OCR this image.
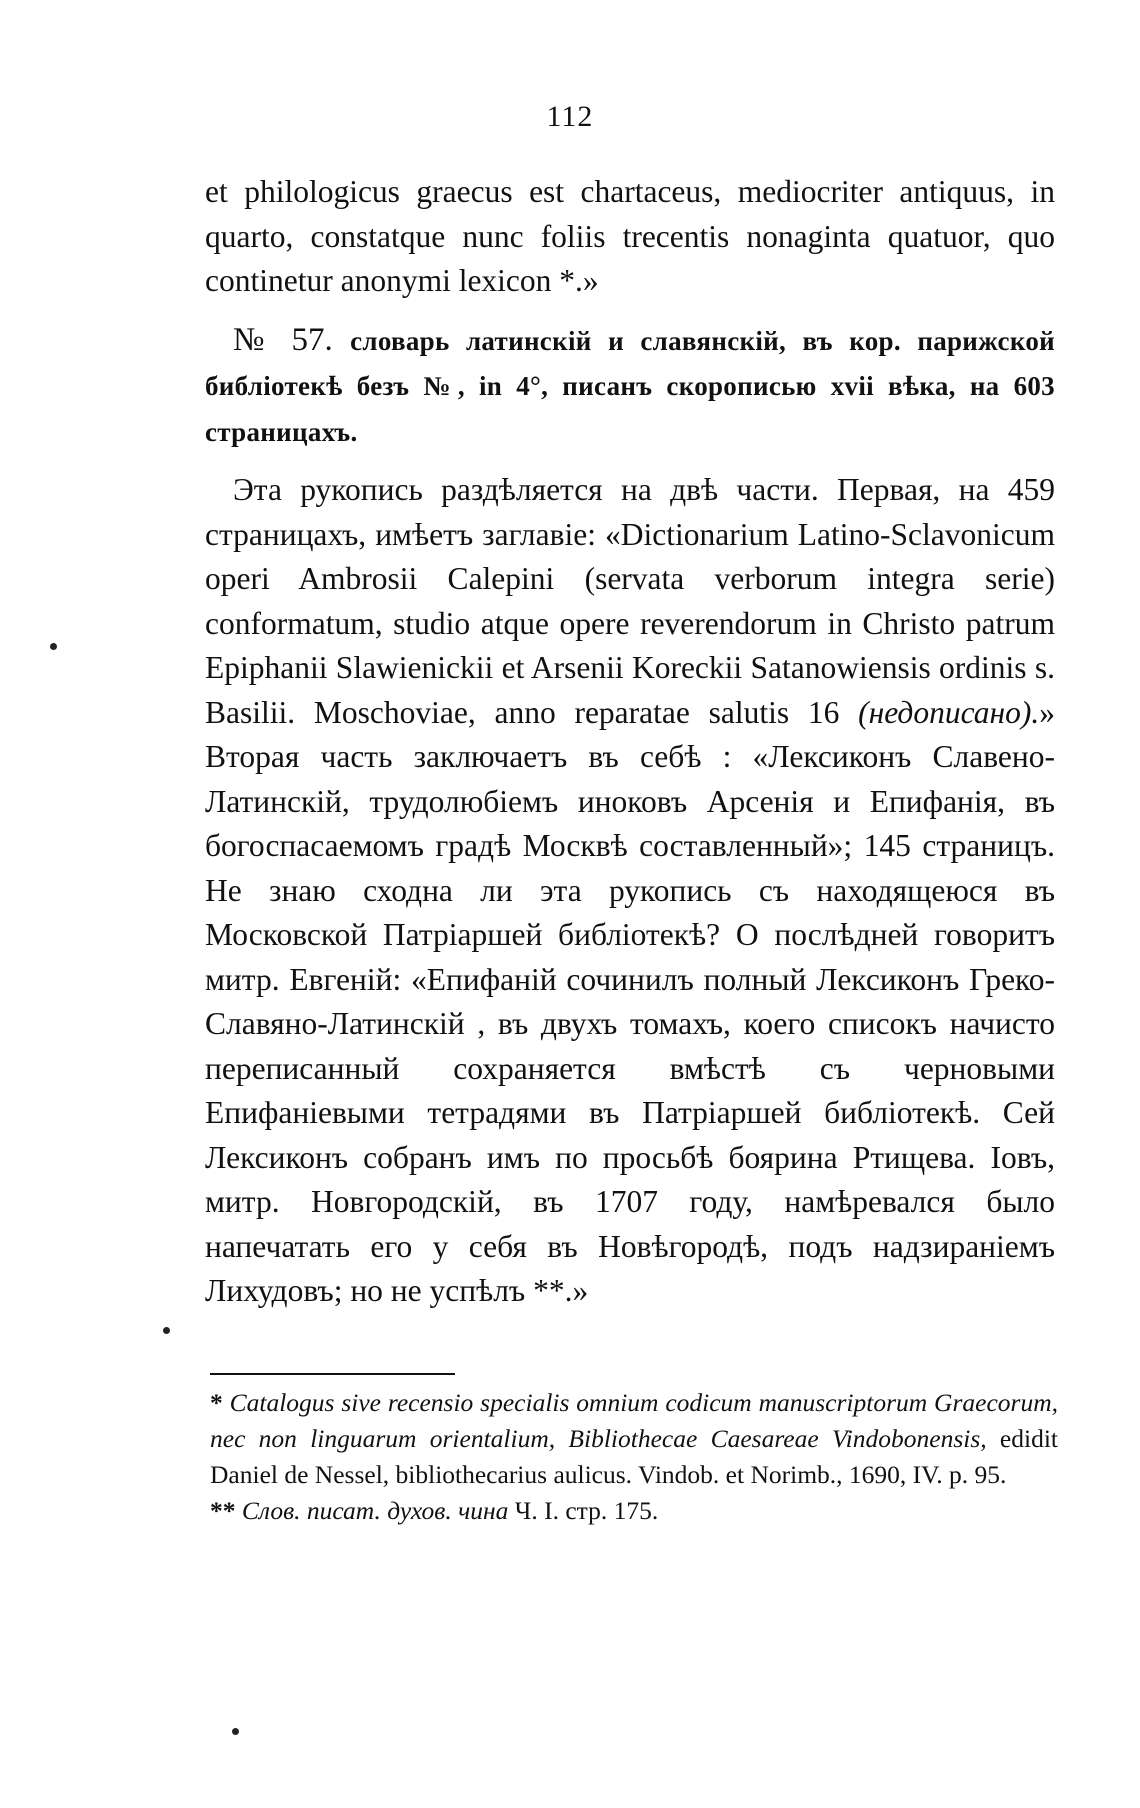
112

et philologicus graecus est chartaceus, mediocriter antiquus, in quarto, constatque nunc foliis trecentis nonaginta quatuor, quo continetur anonymi lexicon *.»

№ 57. словарь латинскій и славянскій, въ кор. парижской библіотекѣ безъ №, in 4°, писанъ скорописью xvii вѣка, на 603 страницахъ.

Эта рукопись раздѣляется на двѣ части. Первая, на 459 страницахъ, имѣетъ заглавіе: «Dictionarium Latino-Sclavonicum operi Ambrosii Calepini (servata verborum integra serie) conformatum, studio atque opere reverendorum in Christo patrum Epiphanii Slawienickii et Arsenii Koreckii Satanowiensis ordinis s. Basilii. Moschoviae, anno reparatae salutis 16 (недописано).» Вторая часть заключаетъ въ себѣ : «Лексиконъ Славено-Латинскій, трудолюбіемъ иноковъ Арсенія и Епифанія, въ богоспасаемомъ градѣ Москвѣ составленный»; 145 страницъ. Не знаю сходна ли эта рукопись съ находящеюся въ Московской Патріаршей библіотекѣ? О послѣдней говоритъ митр. Евгеній: «Епифаній сочинилъ полный Лексиконъ Греко-Славяно-Латинскій , въ двухъ томахъ, коего списокъ начисто переписанный сохраняется вмѣстѣ съ черновыми Епифаніевыми тетрадями въ Патріаршей библіотекѣ. Сей Лексиконъ собранъ имъ по просьбѣ боярина Ртищева. Іовъ, митр. Новгородскій, въ 1707 году, намѣревался было напечатать его у себя въ Новѣгородѣ, подъ надзираніемъ Лихудовъ; но не успѣлъ **.»

* Catalogus sive recensio specialis omnium codicum manuscriptorum Graecorum, nec non linguarum orientalium, Bibliothecae Caesareae Vindobonensis, edidit Daniel de Nessel, bibliothecarius aulicus. Vindob. et Norimb., 1690, IV. p. 95.

** Слов. писат. духов. чина Ч. I. стр. 175.
